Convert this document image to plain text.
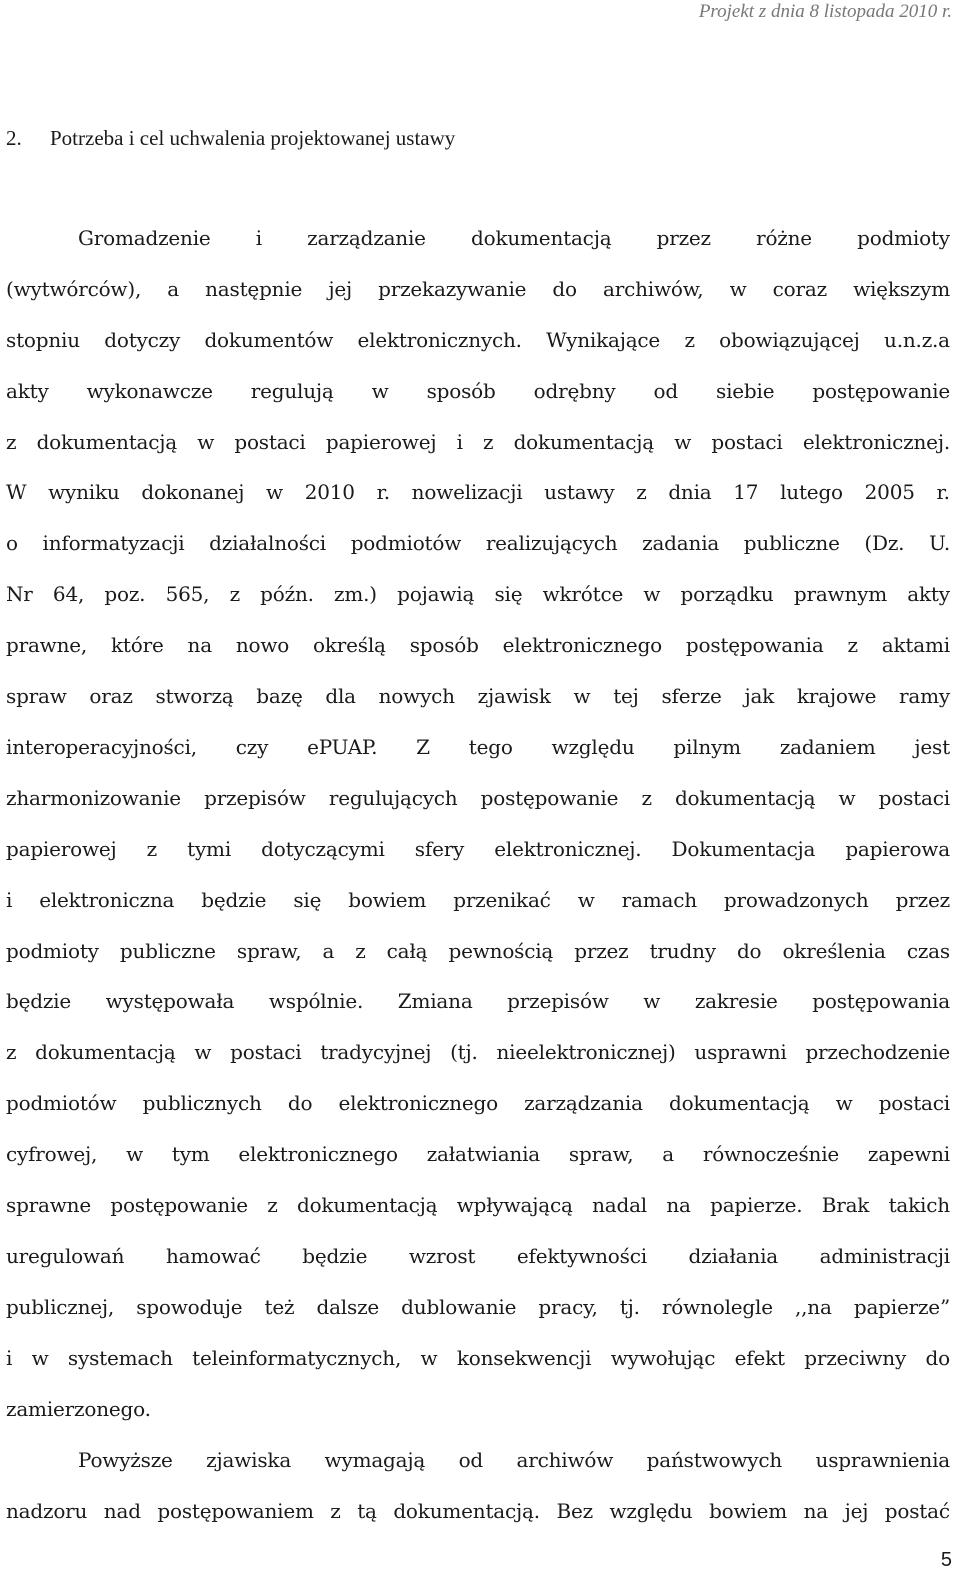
Projekt z dnia 8 listopada 2010 r.
2. Potrzeba i cel uchwalenia projektowanej ustawy
Gromadzenie i zarządzanie dokumentacją przez różne podmioty
(wytwórców), a następnie jej przekazywanie do archiwów, w coraz większym
stopniu dotyczy dokumentów elektronicznych. Wynikające z obowiązującej u.n.z.a
akty wykonawcze regulują w sposób odrębny od siebie postępowanie
z dokumentacją w postaci papierowej i z dokumentacją w postaci elektronicznej.
W wyniku dokonanej w 2010 r. nowelizacji ustawy z dnia 17 lutego 2005 r.
o informatyzacji działalności podmiotów realizujących zadania publiczne (Dz. U.
Nr 64, poz. 565, z późn. zm.) pojawią się wkrótce w porządku prawnym akty
prawne, które na nowo określą sposób elektronicznego postępowania z aktami
spraw oraz stworzą bazę dla nowych zjawisk w tej sferze jak krajowe ramy
interoperacyjności, czy ePUAP. Z tego względu pilnym zadaniem jest
zharmonizowanie przepisów regulujących postępowanie z dokumentacją w postaci
papierowej z tymi dotyczącymi sfery elektronicznej. Dokumentacja papierowa
i elektroniczna będzie się bowiem przenikać w ramach prowadzonych przez
podmioty publiczne spraw, a z całą pewnością przez trudny do określenia czas
będzie występowała wspólnie. Zmiana przepisów w zakresie postępowania
z dokumentacją w postaci tradycyjnej (tj. nieelektronicznej) usprawni przechodzenie
podmiotów publicznych do elektronicznego zarządzania dokumentacją w postaci
cyfrowej, w tym elektronicznego załatwiania spraw, a równocześnie zapewni
sprawne postępowanie z dokumentacją wpływającą nadal na papierze. Brak takich
uregulowań hamować będzie wzrost efektywności działania administracji
publicznej, spowoduje też dalsze dublowanie pracy, tj. równolegle ,,na papierze”
i w systemach teleinformatycznych, w konsekwencji wywołując efekt przeciwny do
zamierzonego.
Powyższe zjawiska wymagają od archiwów państwowych usprawnienia
nadzoru nad postępowaniem z tą dokumentacją. Bez względu bowiem na jej postać
5
